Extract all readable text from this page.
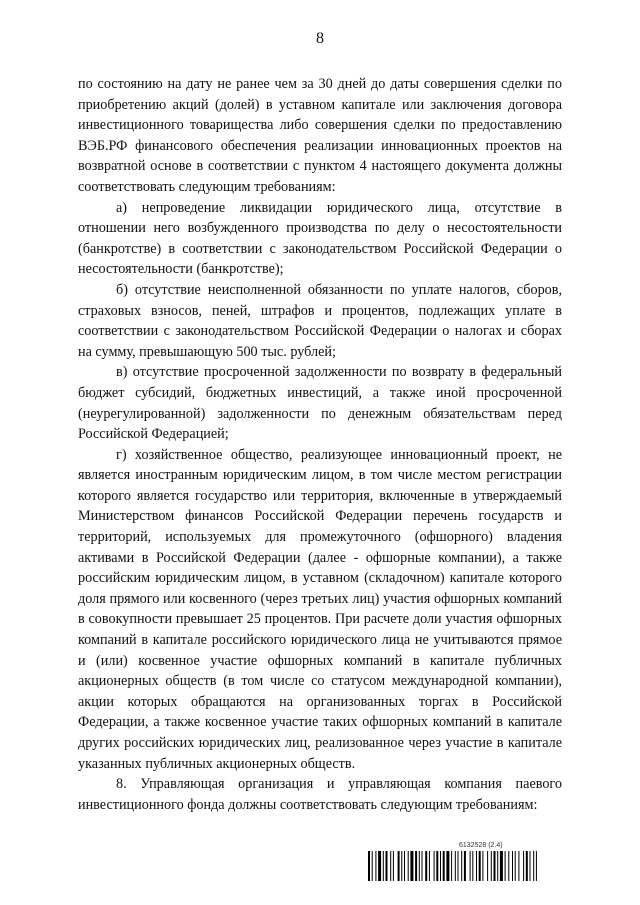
8

по состоянию на дату не ранее чем за 30 дней до даты совершения сделки по приобретению акций (долей) в уставном капитале или заключения договора инвестиционного товарищества либо совершения сделки по предоставлению ВЭБ.РФ финансового обеспечения реализации инновационных проектов на возвратной основе в соответствии с пунктом 4 настоящего документа должны соответствовать следующим требованиям:

а) непроведение ликвидации юридического лица, отсутствие в отношении него возбужденного производства по делу о несостоятельности (банкротстве) в соответствии с законодательством Российской Федерации о несостоятельности (банкротстве);

б) отсутствие неисполненной обязанности по уплате налогов, сборов, страховых взносов, пеней, штрафов и процентов, подлежащих уплате в соответствии с законодательством Российской Федерации о налогах и сборах на сумму, превышающую 500 тыс. рублей;

в) отсутствие просроченной задолженности по возврату в федеральный бюджет субсидий, бюджетных инвестиций, а также иной просроченной (неурегулированной) задолженности по денежным обязательствам перед Российской Федерацией;

г) хозяйственное общество, реализующее инновационный проект, не является иностранным юридическим лицом, в том числе местом регистрации которого является государство или территория, включенные в утверждаемый Министерством финансов Российской Федерации перечень государств и территорий, используемых для промежуточного (офшорного) владения активами в Российской Федерации (далее - офшорные компании), а также российским юридическим лицом, в уставном (складочном) капитале которого доля прямого или косвенного (через третьих лиц) участия офшорных компаний в совокупности превышает 25 процентов. При расчете доли участия офшорных компаний в капитале российского юридического лица не учитываются прямое и (или) косвенное участие офшорных компаний в капитале публичных акционерных обществ (в том числе со статусом международной компании), акции которых обращаются на организованных торгах в Российской Федерации, а также косвенное участие таких офшорных компаний в капитале других российских юридических лиц, реализованное через участие в капитале указанных публичных акционерных обществ.

8. Управляющая организация и управляющая компания паевого инвестиционного фонда должны соответствовать следующим требованиям:

6132528 (2.4)
